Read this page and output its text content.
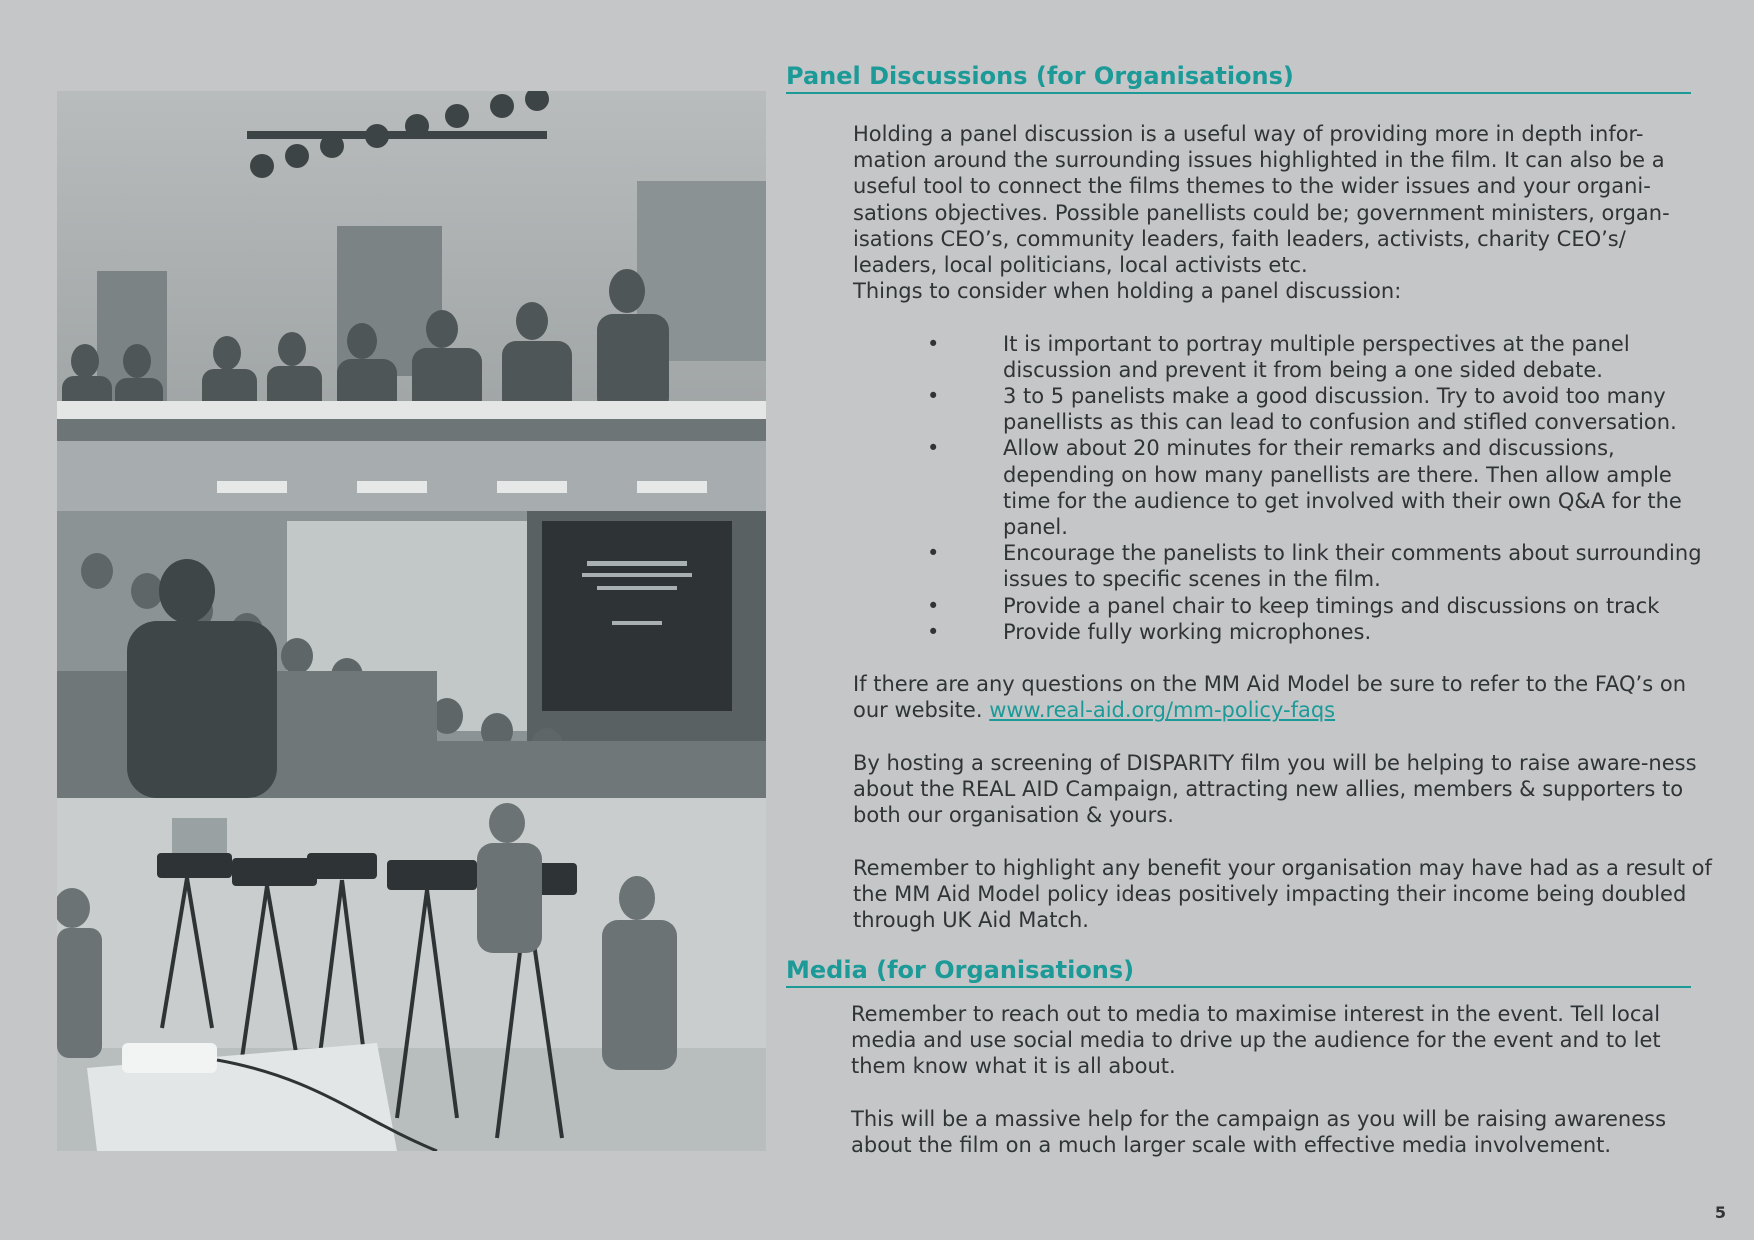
Panel Discussions (for Organisations)

Holding a panel discussion is a useful way of providing more in depth infor-mation around the surrounding issues highlighted in the film. It can also be a useful tool to connect the films themes to the wider issues and your organi-sations objectives. Possible panellists could be; government ministers, organ-isations CEO’s, community leaders, faith leaders, activists, charity CEO’s/ leaders, local politicians, local activists etc.

Things to consider when holding a panel discussion:

•	It is important to portray multiple perspectives at the panel discussion and prevent it from being a one sided debate.
•	3 to 5 panelists make a good discussion. Try to avoid too many panellists as this can lead to confusion and stifled conversation.
•	Allow about 20 minutes for their remarks and discussions, depending on how many panellists are there. Then allow ample time for the audience to get involved with their own Q&A for the panel.
•	Encourage the panelists to link their comments about surrounding issues to specific scenes in the film.
•	Provide a panel chair to keep timings and discussions on track
•	Provide fully working microphones.

If there are any questions on the MM Aid Model be sure to refer to the FAQ’s on our website. www.real-aid.org/mm-policy-faqs

By hosting a screening of DISPARITY film you will be helping to raise aware-ness about the REAL AID Campaign, attracting new allies, members & supporters to both our organisation & yours.

Remember to highlight any benefit your organisation may have had as a result of the MM Aid Model policy ideas positively impacting their income being doubled through UK Aid Match.

Media (for Organisations)

Remember to reach out to media to maximise interest in the event. Tell local media and use social media to drive up the audience for the event and to let them know what it is all about.

This will be a massive help for the campaign as you will be raising awareness about the film on a much larger scale with effective media involvement.

5
